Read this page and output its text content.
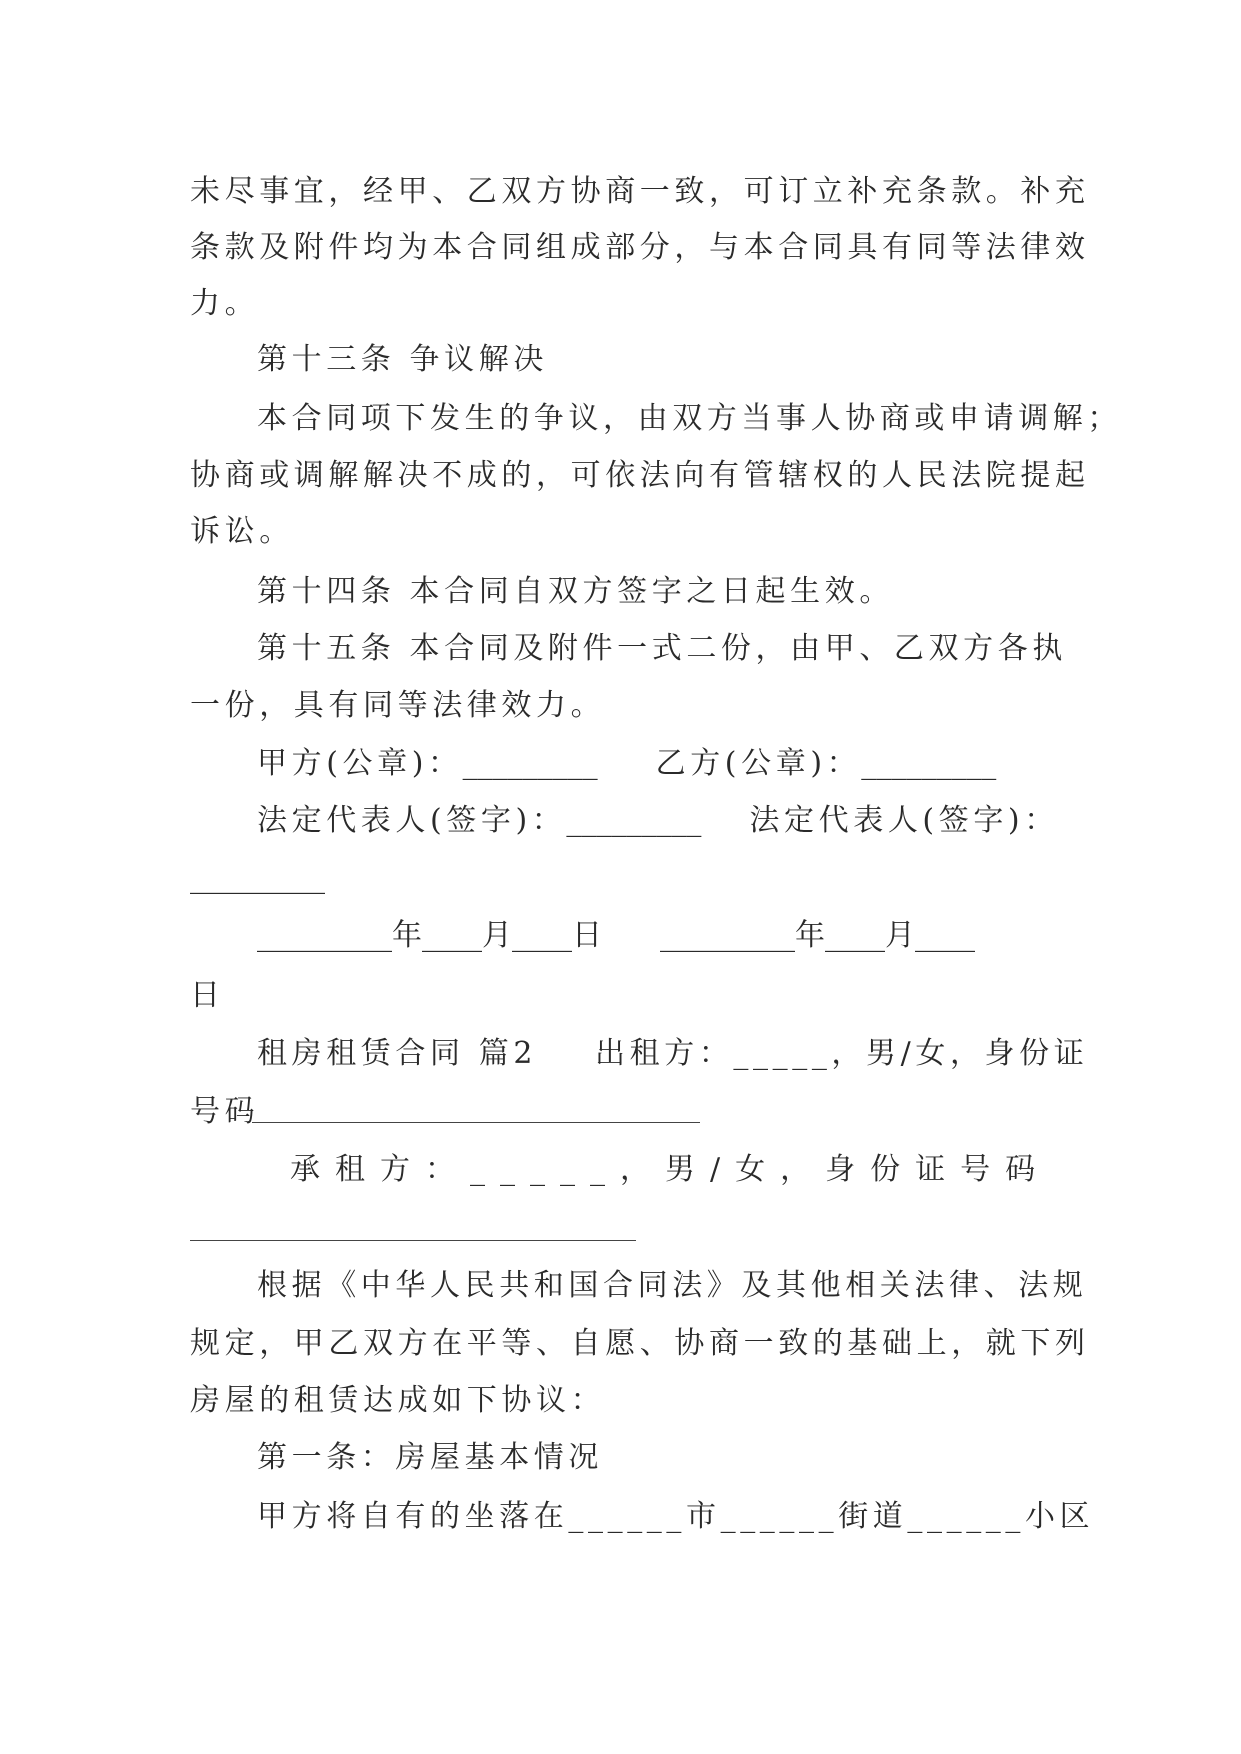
未尽事宜，经甲、乙双方协商一致，可订立补充条款。补充

条款及附件均为本合同组成部分，与本合同具有同等法律效

力。

第十三条 争议解决

本合同项下发生的争议，由双方当事人协商或申请调解；

协商或调解解决不成的，可依法向有管辖权的人民法院提起

诉讼。

第十四条 本合同自双方签字之日起生效。

第十五条 本合同及附件一式二份，由甲、乙双方各执

一份，具有同等法律效力。

甲方(公章)：_________ 乙方(公章)：_________

法定代表人(签字)：_________ 法定代表人(签字)：

_________

_________年____月____日 _________年____月____

日

租房租赁合同 篇2 出租方：_____，男/女，身份证

号码

承租方：_____，男/女，身份证号码

根据《中华人民共和国合同法》及其他相关法律、法规

规定，甲乙双方在平等、自愿、协商一致的基础上，就下列

房屋的租赁达成如下协议：

第一条：房屋基本情况

甲方将自有的坐落在______市______街道______小区
